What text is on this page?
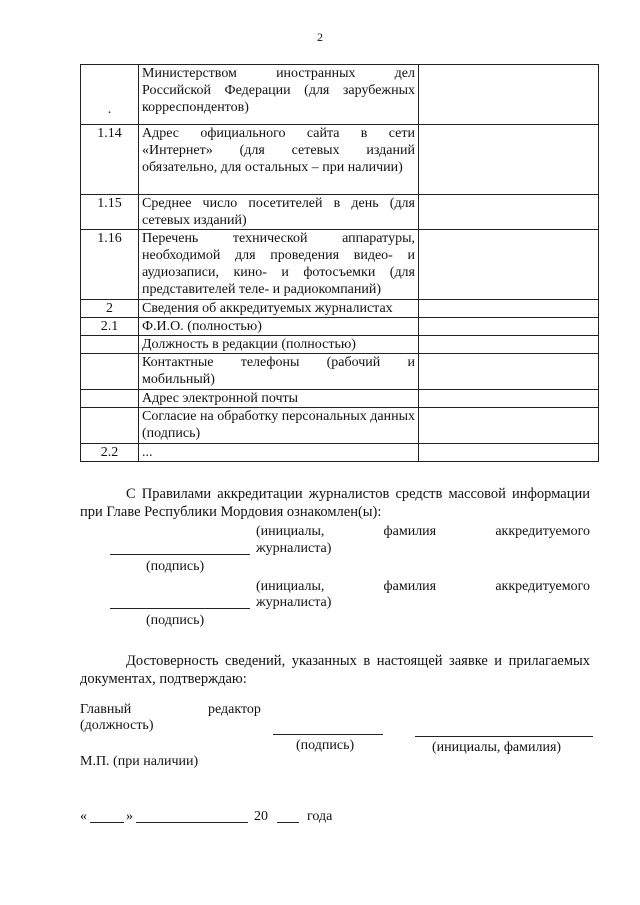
2
.	Министерством иностранных дел Российской Федерации (для зарубежных корреспондентов)	
1.14	Адрес официального сайта в сети «Интернет» (для сетевых изданий обязательно, для остальных – при наличии)	
1.15	Среднее число посетителей в день (для сетевых изданий)	
1.16	Перечень технической аппаратуры, необходимой для проведения видео- и аудиозаписи, кино- и фотосъемки (для представителей теле- и радиокомпаний)	
2	Сведения об аккредитуемых журналистах	
2.1	Ф.И.О. (полностью)	
	Должность в редакции (полностью)	
	Контактные телефоны (рабочий и мобильный)	
	Адрес электронной почты	
	Согласие на обработку персональных данных (подпись)	
2.2	...	
С Правилами аккредитации журналистов средств массовой информации при Главе Республики Мордовия ознакомлен(ы):
(инициалы, фамилия аккредитуемого
журналиста)
(подпись)
(инициалы, фамилия аккредитуемого
журналиста)
(подпись)
Достоверность сведений, указанных в настоящей заявке и прилагаемых документах, подтверждаю:
Главный	редактор
(должность)
(подпись)	(инициалы, фамилия)
М.П. (при наличии)
«	»	20	года
